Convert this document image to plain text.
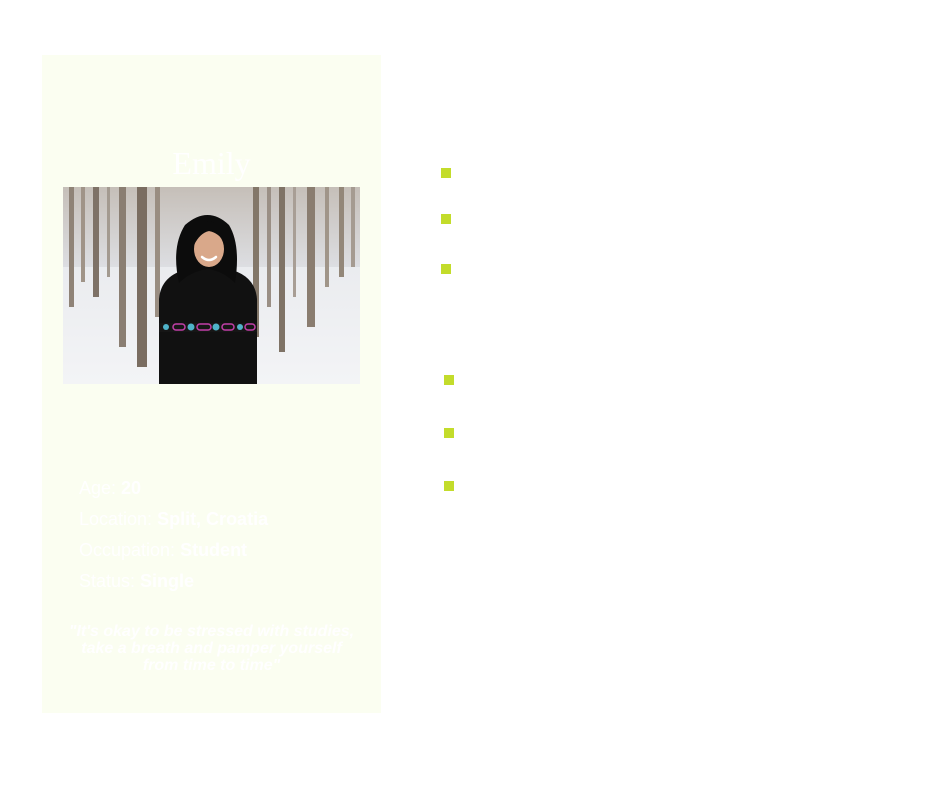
Emily
Age: 20
Location: Split, Croatia
Occupation: Student
Status: Single

"It's okay to be stressed with studies, take a breath and pamper yourself from time to time"
